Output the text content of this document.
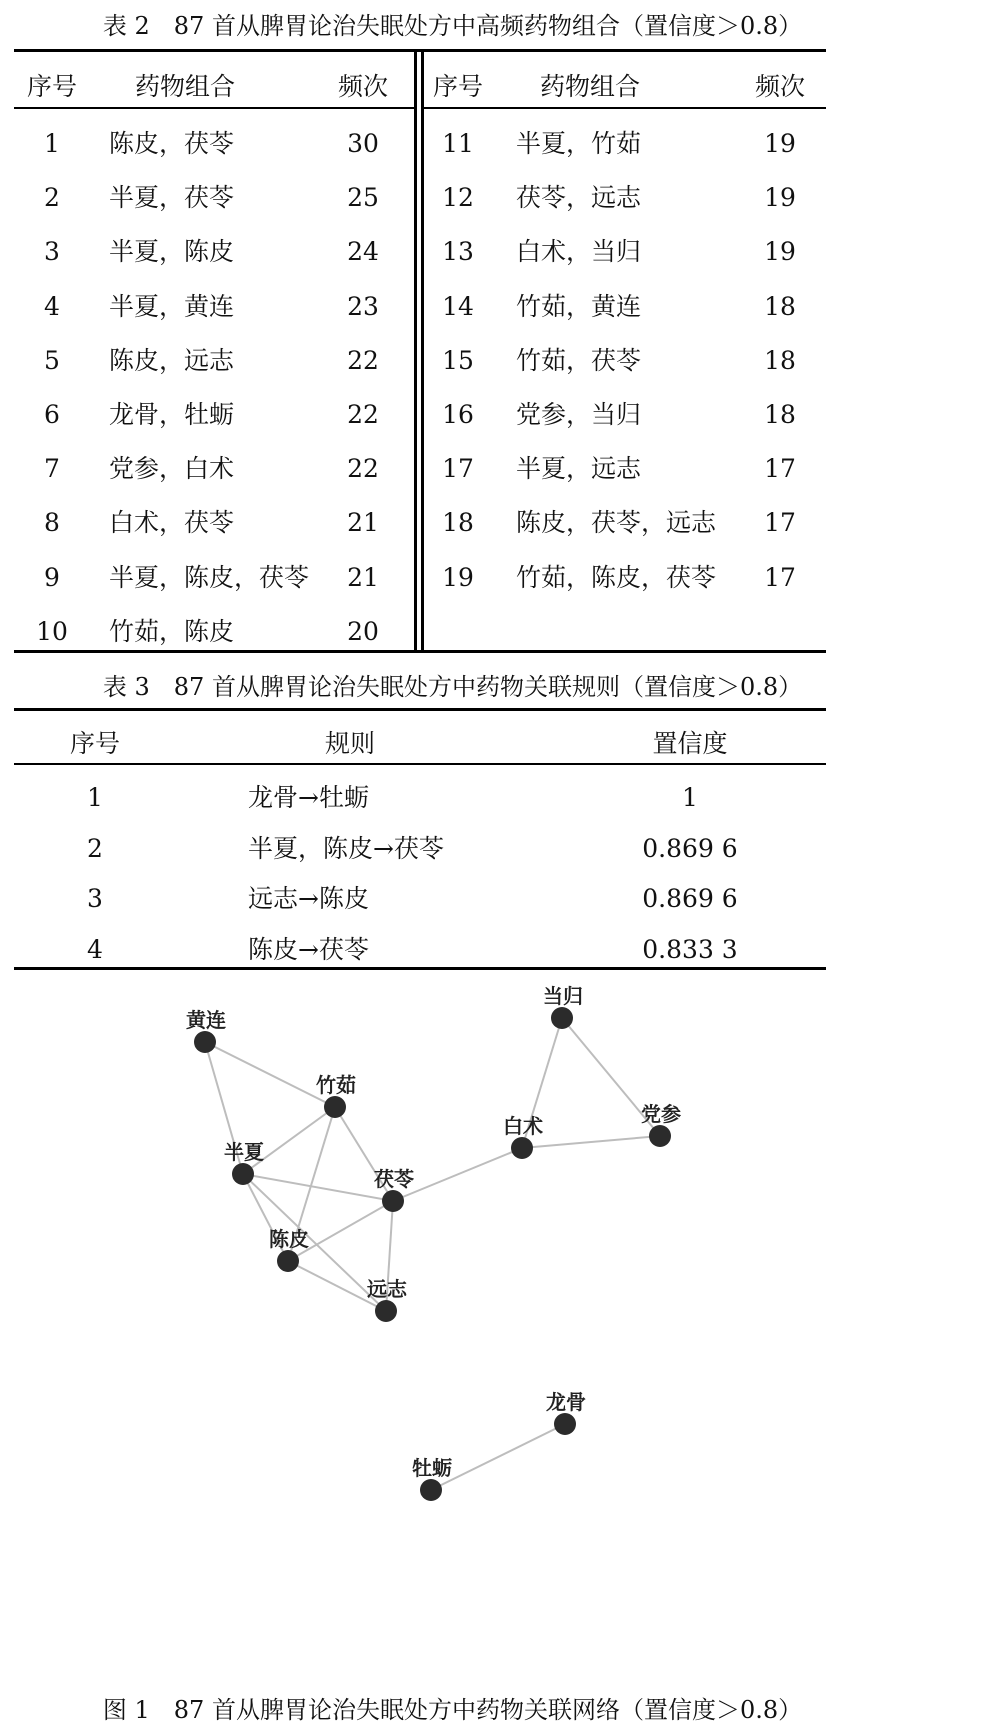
表 2　87 首从脾胃论治失眠处方中高频药物组合（置信度＞0.8）
序号 药物组合	频次 序号 药物组合	频次
1 陈皮，茯苓	30
2 半夏，茯苓	25
3 半夏，陈皮	24
4 半夏，黄连	23
5 陈皮，远志	22
6 龙骨，牡蛎	22
7 党参，白术	22
8 白术，茯苓	21
9 半夏，陈皮，茯苓 21
10 竹茹，陈皮	20
11 半夏，竹茹	19
12 茯苓，远志	19
13 白术，当归	19
14 竹茹，黄连	18
15 竹茹，茯苓	18
16 党参，当归	18
17 半夏，远志	17
18 陈皮，茯苓，远志 17
19 竹茹，陈皮，茯苓 17
表 3　87 首从脾胃论治失眠处方中药物关联规则（置信度＞0.8）
序号	规则	置信度
1	龙骨→牡蛎	1
2	半夏，陈皮→茯苓	0.869 6
3	远志→陈皮	0.869 6
4	陈皮→茯苓	0.833 3
黄连
竹茹
半夏
茯苓
陈皮
远志
白术
当归
党参
龙骨
牡蛎
图 1　87 首从脾胃论治失眠处方中药物关联网络（置信度＞0.8）
